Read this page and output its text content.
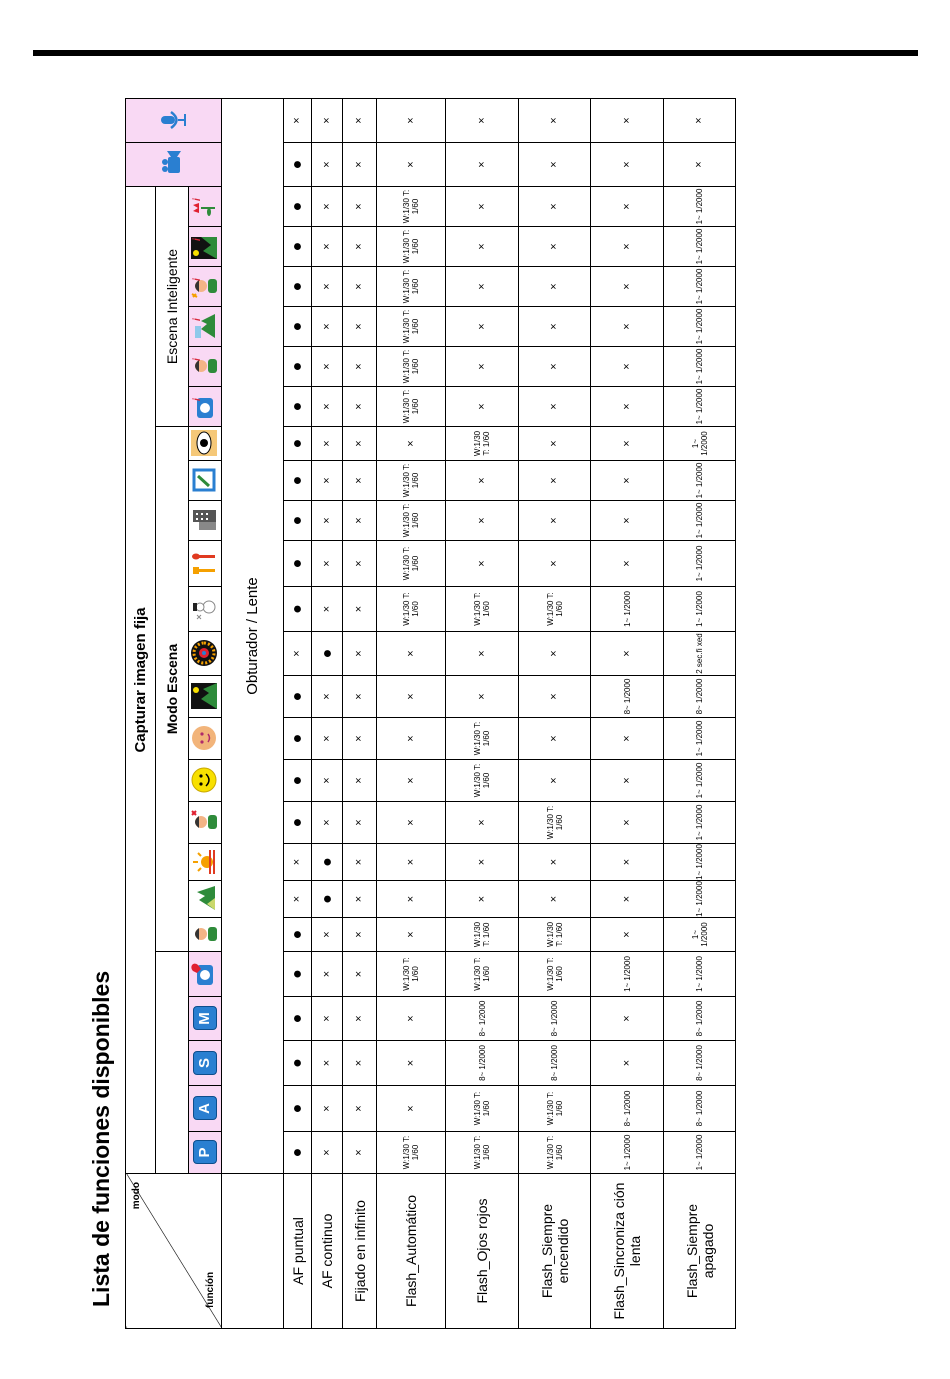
Lista de funciones disponibles modo
función	Capturar imagen fija		
						Modo Escena													Escena Inteligente							
	P	A	S	M															i	i	i	i	i	i		

	Obturador / Lente																									
AF puntual	●	●	●	●	●	●	×	×	●	●	●	●	×	●	●	●	●	●	●	●	●	●	●	●	●	×
AF continuo	×	×	×	×	×	×	●	●	×	×	×	×	●	×	×	×	×	×	×	×	×	×	×	×	×	×
Fijado en infinito	×	×	×	×	×	×	×	×	×	×	×	×	×	×	×	×	×	×	×	×	×	×	×	×	×	×
Flash_Automático	W:1/30 T: 1/60	×	×	×	W:1/30 T: 1/60	×	×	×	×	×	×	×	×	W:1/30 T: 1/60	W:1/30 T: 1/60	W:1/30 T: 1/60	W:1/30 T: 1/60	×	W:1/30 T: 1/60	W:1/30 T: 1/60	W:1/30 T: 1/60	W:1/30 T: 1/60	W:1/30 T: 1/60	W:1/30 T: 1/60	×	×
Flash_Ojos rojos	W:1/30 T: 1/60	W:1/30 T: 1/60	8~ 1/2000	8~ 1/2000	W:1/30 T: 1/60	W:1/30 T: 1/60	×	×	×	W:1/30 T: 1/60	W:1/30 T: 1/60	×	×	W:1/30 T: 1/60	×	×	×	W:1/30 T: 1/60	×	×	×	×	×	×	×	×
Flash_Siempre encendido	W:1/30 T: 1/60	W:1/30 T: 1/60	8~ 1/2000	8~ 1/2000	W:1/30 T: 1/60	W:1/30 T: 1/60	×	×	W:1/30 T: 1/60	×	×	×	×	W:1/30 T: 1/60	×	×	×	×	×	×	×	×	×	×	×	×
Flash_Sincroniza ción lenta	1~ 1/2000	8~ 1/2000	×	×	1~ 1/2000	×	×	×	×	×	×	8~ 1/2000	×	1~ 1/2000	×	×	×	×	×	×	×	×	×	×	×	×
Flash_Siempre apagado	1~ 1/2000	8~ 1/2000	8~ 1/2000	8~ 1/2000	1~ 1/2000	1~ 1/2000	1~ 1/2000	1~ 1/2000	1~ 1/2000	1~ 1/2000	1~ 1/2000	8~ 1/2000	2 sec.fi xed	1~ 1/2000	1~ 1/2000	1~ 1/2000	1~ 1/2000	1~ 1/2000	1~ 1/2000	1~ 1/2000	1~ 1/2000	1~ 1/2000	1~ 1/2000	1~ 1/2000	×	×
